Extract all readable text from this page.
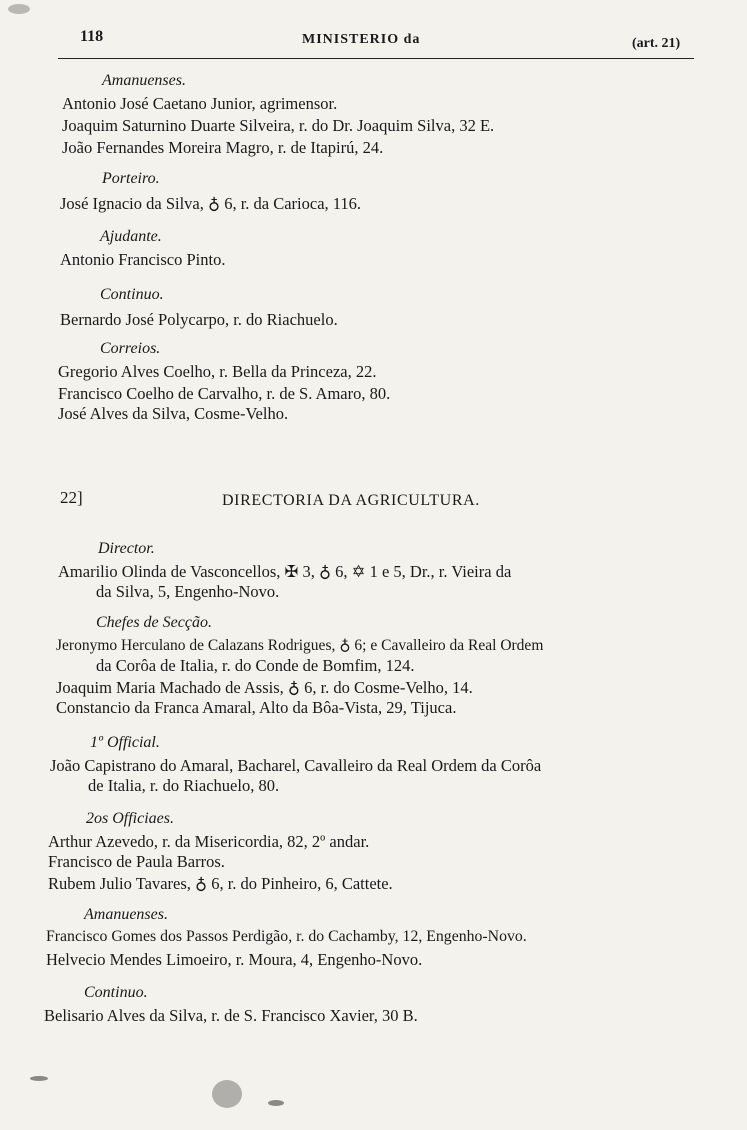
118	MINISTERIO da	(art. 21)
Amanuenses.
Antonio José Caetano Junior, agrimensor.
Joaquim Saturnino Duarte Silveira, r. do Dr. Joaquim Silva, 32 E.
João Fernandes Moreira Magro, r. de Itapirú, 24.
Porteiro.
José Ignacio da Silva, ♁ 6, r. da Carioca, 116.
Ajudante.
Antonio Francisco Pinto.
Continuo.
Bernardo José Polycarpo, r. do Riachuelo.
Correios.
Gregorio Alves Coelho, r. Bella da Princeza, 22.
Francisco Coelho de Carvalho, r. de S. Amaro, 80.
José Alves da Silva, Cosme-Velho.
22]	DIRECTORIA DA AGRICULTURA.
Director.
Amarilio Olinda de Vasconcellos, ✠ 3, ♁ 6, ✡ 1 e 5, Dr., r. Vieira da
da Silva, 5, Engenho-Novo.
Chefes de Secção.
Jeronymo Herculano de Calazans Rodrigues, ♁ 6; e Cavalleiro da Real Ordem
da Corôa de Italia, r. do Conde de Bomfim, 124.
Joaquim Maria Machado de Assis, ♁ 6, r. do Cosme-Velho, 14.
Constancio da Franca Amaral, Alto da Bôa-Vista, 29, Tijuca.
1º Official.
João Capistrano do Amaral, Bacharel, Cavalleiro da Real Ordem da Corôa
de Italia, r. do Riachuelo, 80.
2os Officiaes.
Arthur Azevedo, r. da Misericordia, 82, 2º andar.
Francisco de Paula Barros.
Rubem Julio Tavares, ♁ 6, r. do Pinheiro, 6, Cattete.
Amanuenses.
Francisco Gomes dos Passos Perdigão, r. do Cachamby, 12, Engenho-Novo.
Helvecio Mendes Limoeiro, r. Moura, 4, Engenho-Novo.
Continuo.
Belisario Alves da Silva, r. de S. Francisco Xavier, 30 B.
